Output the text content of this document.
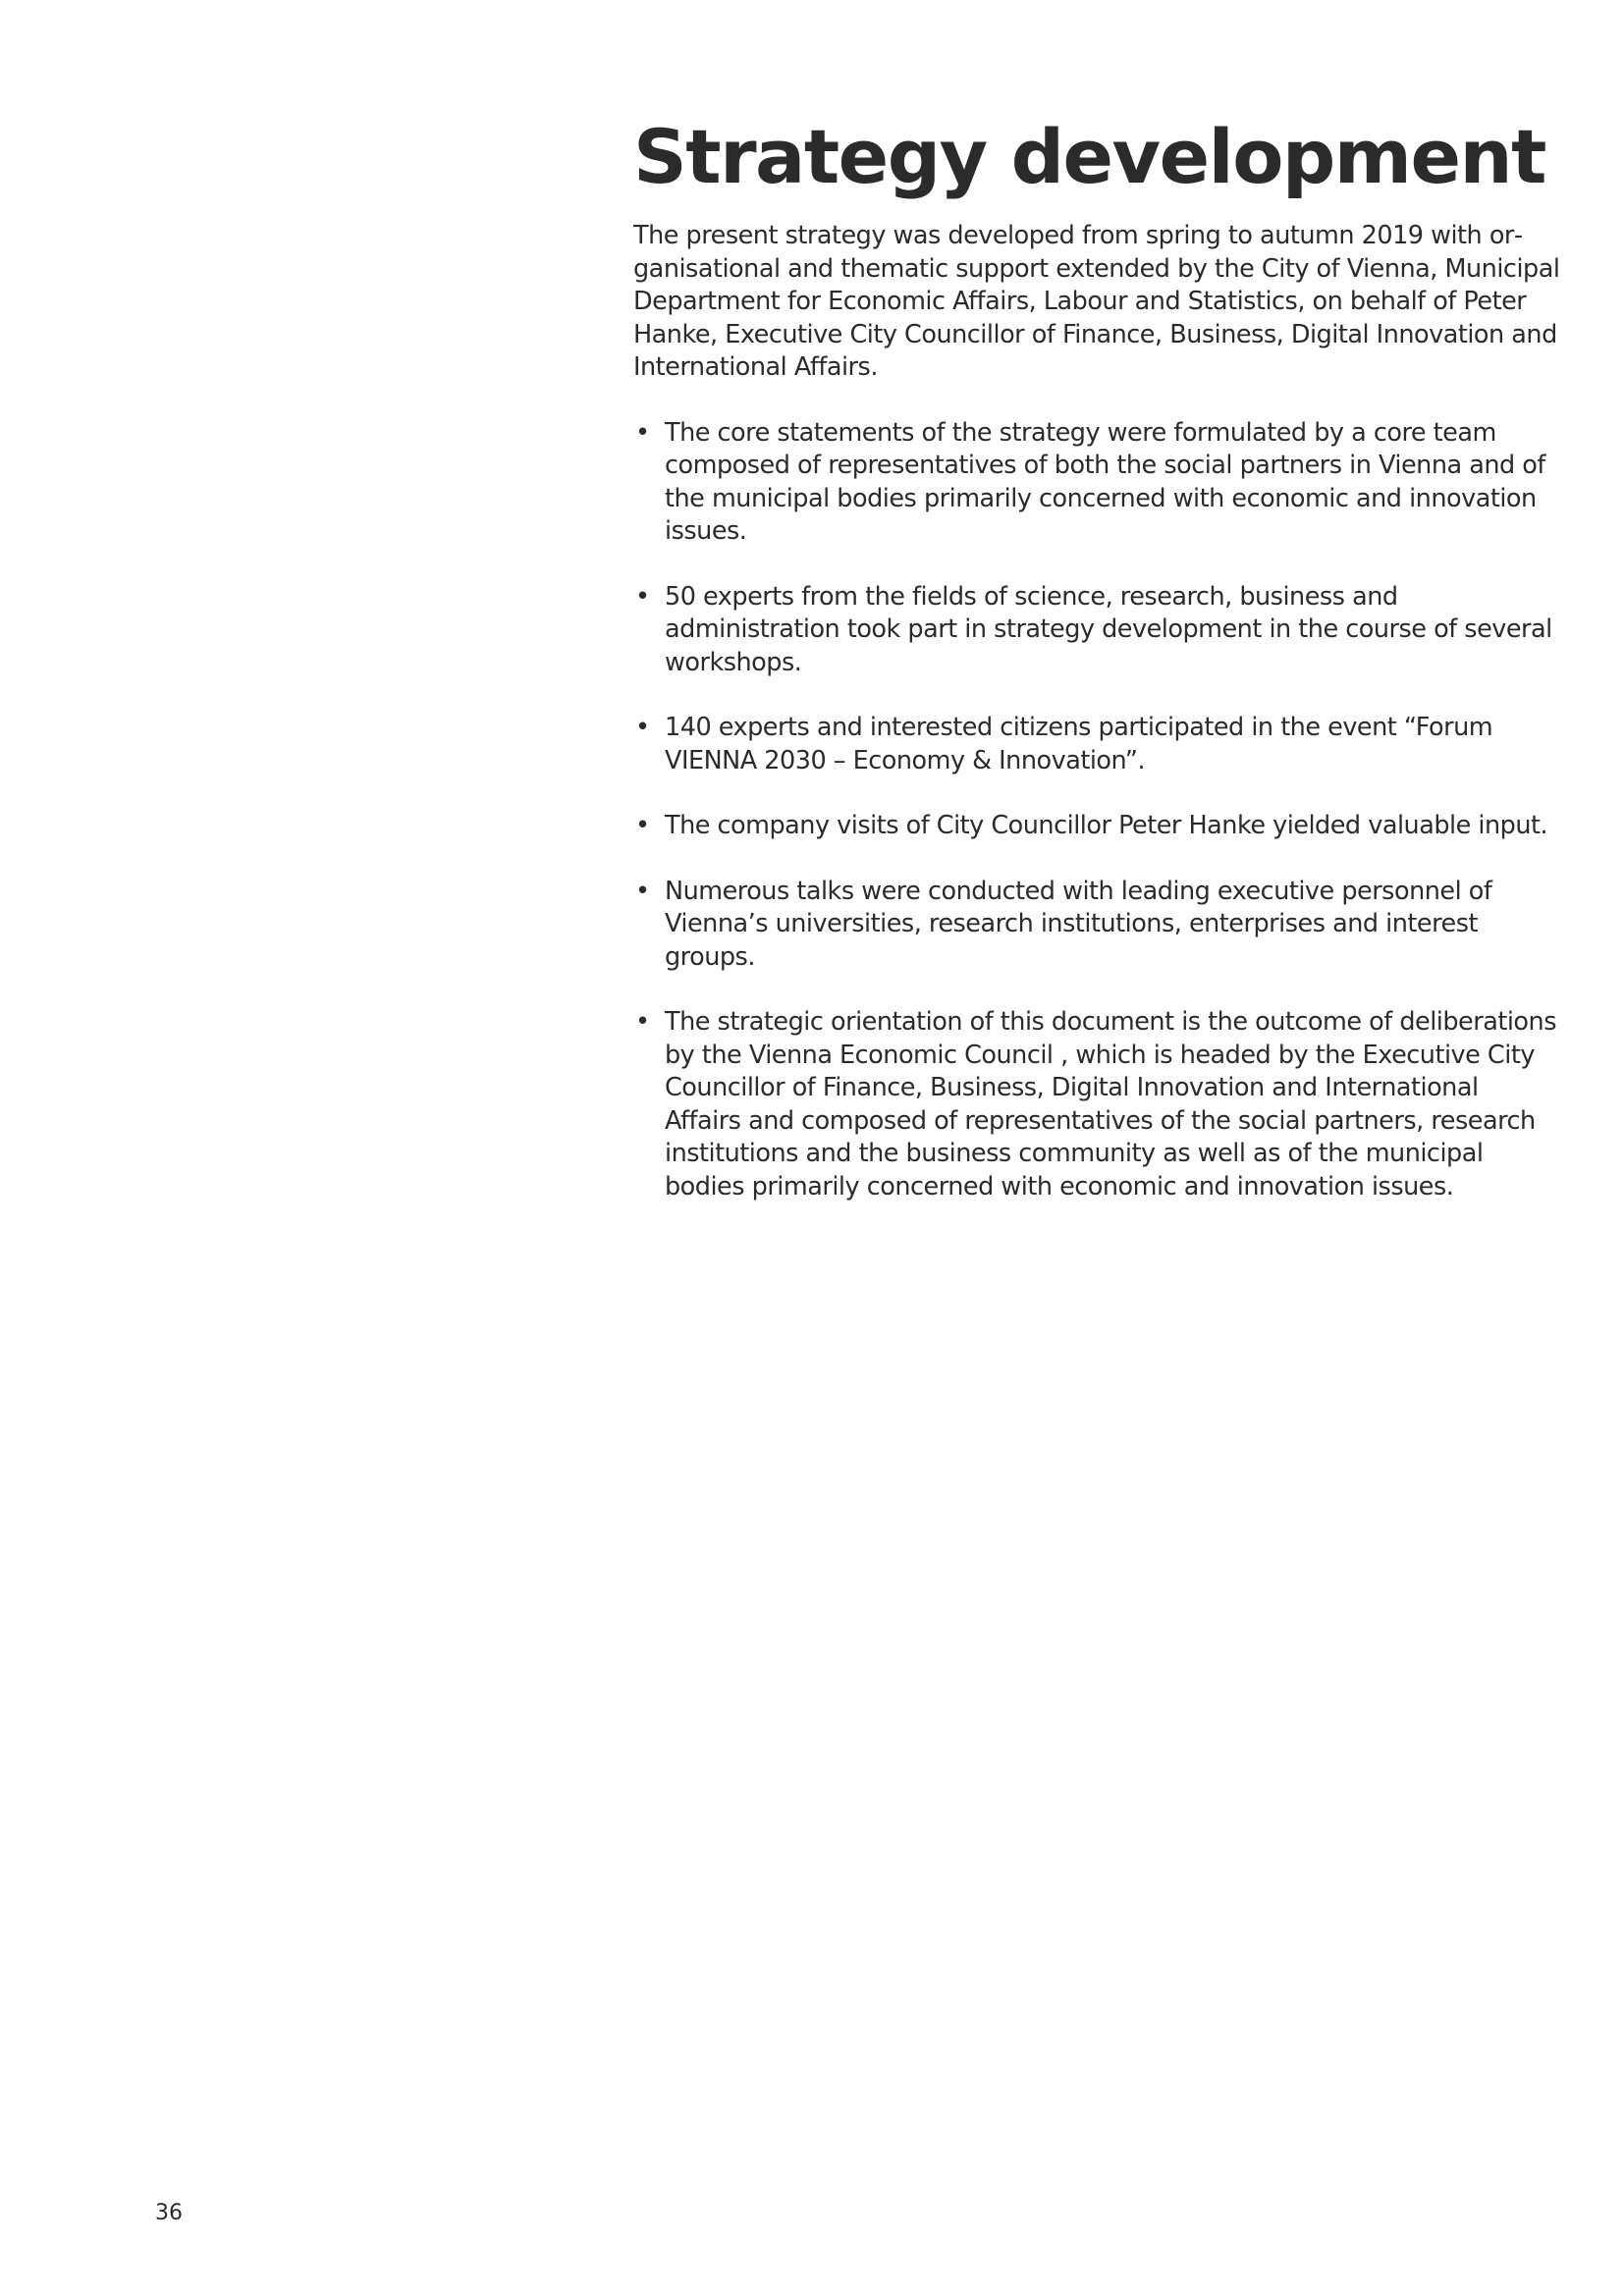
Strategy development

The present strategy was developed from spring to autumn 2019 with organisational and thematic support extended by the City of Vienna, Municipal Department for Economic Affairs, Labour and Statistics, on behalf of Peter Hanke, Executive City Councillor of Finance, Business, Digital Innovation and International Affairs.

• The core statements of the strategy were formulated by a core team composed of representatives of both the social partners in Vienna and of the municipal bodies primarily concerned with economic and innovation issues.
• 50 experts from the fields of science, research, business and administration took part in strategy development in the course of several workshops.
• 140 experts and interested citizens participated in the event “Forum VIENNA 2030 – Economy & Innovation”.
• The company visits of City Councillor Peter Hanke yielded valuable input.
• Numerous talks were conducted with leading executive personnel of Vienna’s universities, research institutions, enterprises and interest groups.
• The strategic orientation of this document is the outcome of deliberations by the Vienna Economic Council , which is headed by the Executive City Councillor of Finance, Business, Digital Innovation and International Affairs and composed of representatives of the social partners, research institutions and the business community as well as of the municipal bodies primarily concerned with economic and innovation issues.
36
